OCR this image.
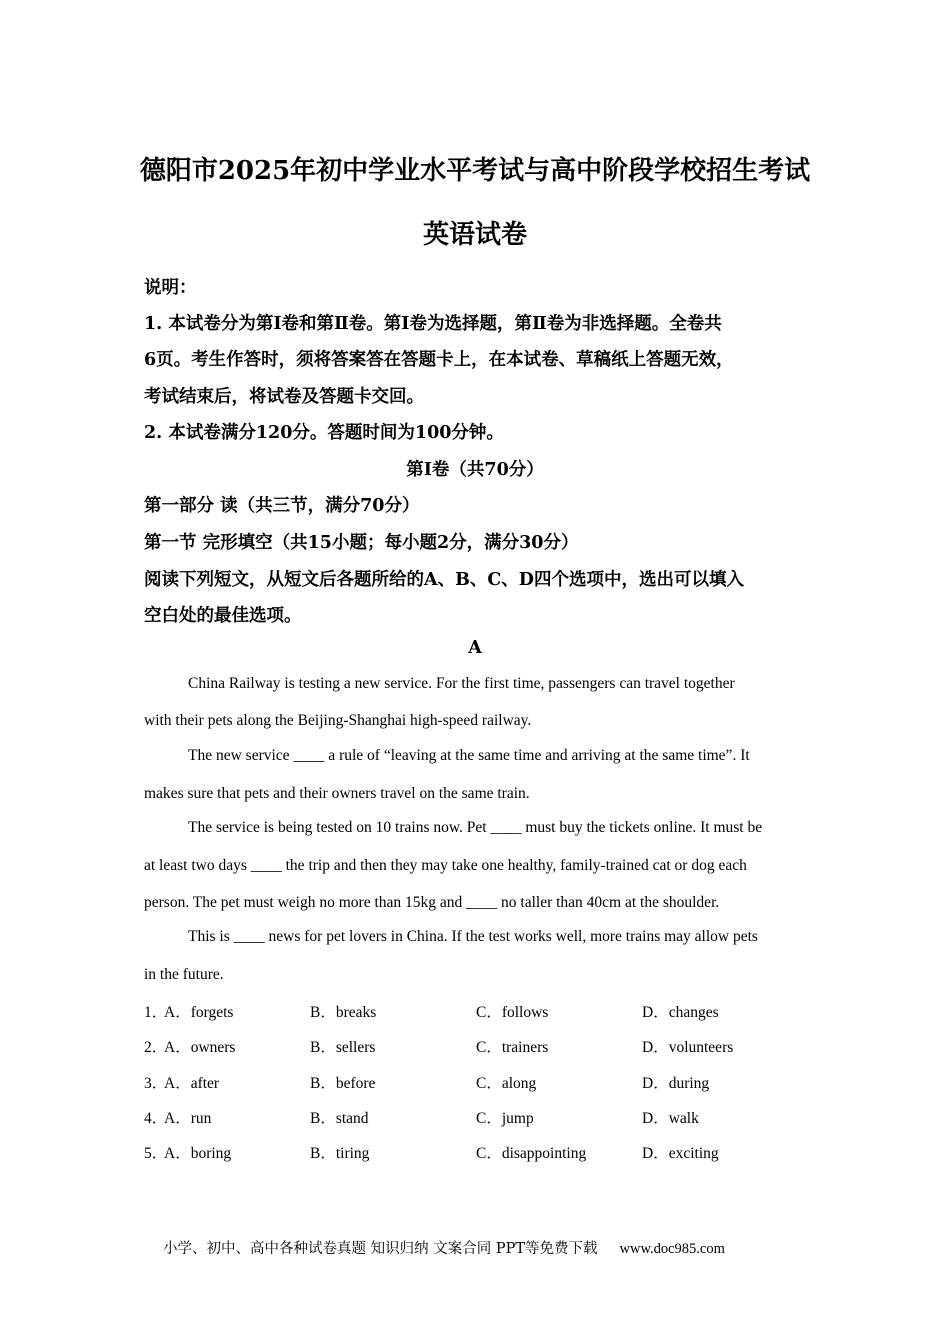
德阳市2025年初中学业水平考试与高中阶段学校招生考试
英语试卷
说明：
1. 本试卷分为第Ⅰ卷和第Ⅱ卷。第Ⅰ卷为选择题，第Ⅱ卷为非选择题。全卷共
6页。考生作答时，须将答案答在答题卡上，在本试卷、草稿纸上答题无效，
考试结束后，将试卷及答题卡交回。
2. 本试卷满分120分。答题时间为100分钟。
第Ⅰ卷（共70分）
第一部分 读（共三节，满分70分）
第一节 完形填空（共15小题；每小题2分，满分30分）
阅读下列短文，从短文后各题所给的A、B、C、D四个选项中，选出可以填入
空白处的最佳选项。
A
China Railway is testing a new service. For the first time, passengers can travel together
with their pets along the Beijing-Shanghai high-speed railway.
The new service ____ a rule of “leaving at the same time and arriving at the same time”. It
makes sure that pets and their owners travel on the same train.
The service is being tested on 10 trains now. Pet ____ must buy the tickets online. It must be
at least two days ____ the trip and then they may take one healthy, family-trained cat or dog each
person. The pet must weigh no more than 15kg and ____ no taller than 40cm at the shoulder.
This is ____ news for pet lovers in China. If the test works well, more trains may allow pets
in the future.
1．
A．forgets	B．breaks	C．follows	D．changes
2．
A．owners	B．sellers	C．trainers	D．volunteers
3．
A．after	B．before	C．along	D．during
4．
A．run	B．stand	C．jump	D．walk
5．
A．boring	B．tiring	C．disappointing	D．exciting
小学、初中、高中各种试卷真题 知识归纳 文案合同 PPT等免费下载 www.doc985.com
